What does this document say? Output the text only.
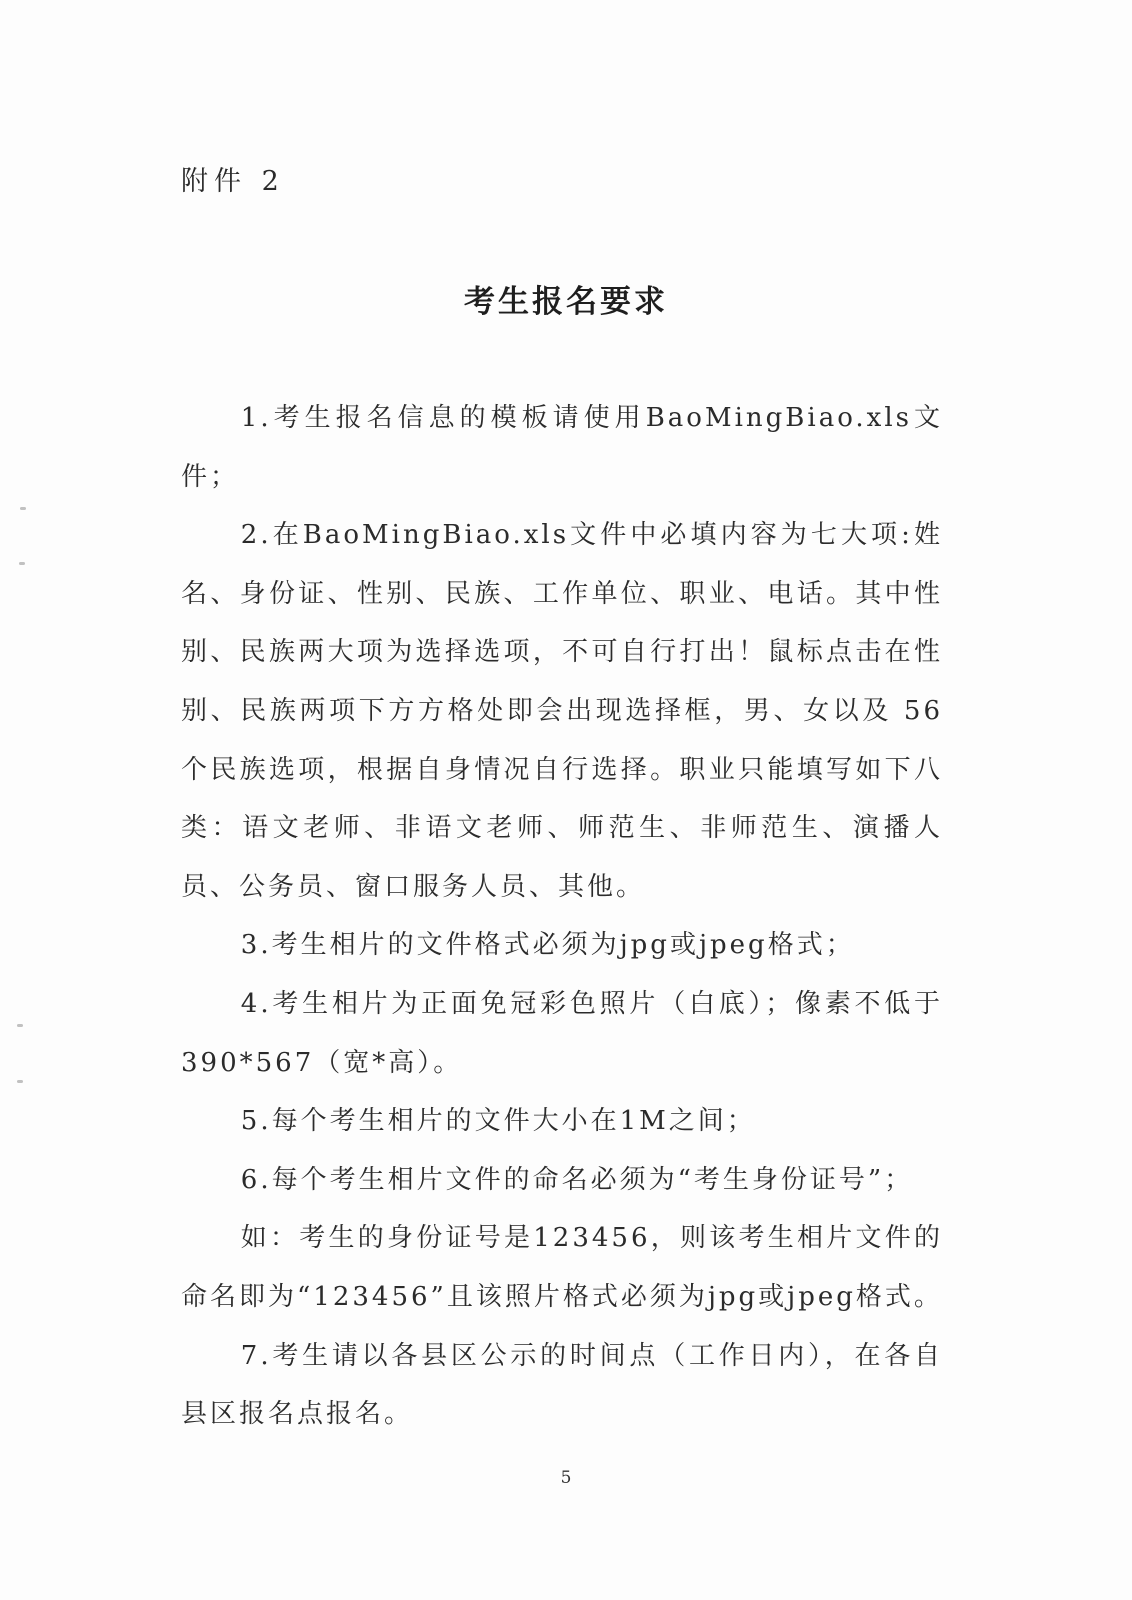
附件 2

考生报名要求

1.考生报名信息的模板请使用BaoMingBiao.xls文件；

2.在BaoMingBiao.xls文件中必填内容为七大项:姓名、身份证、性别、民族、工作单位、职业、电话。其中性别、民族两大项为选择选项，不可自行打出！鼠标点击在性别、民族两项下方方格处即会出现选择框，男、女以及 56 个民族选项，根据自身情况自行选择。职业只能填写如下八类：语文老师、非语文老师、师范生、非师范生、演播人员、公务员、窗口服务人员、其他。

3.考生相片的文件格式必须为jpg或jpeg格式；

4.考生相片为正面免冠彩色照片（白底）；像素不低于390*567（宽*高）。

5.每个考生相片的文件大小在1M之间；

6.每个考生相片文件的命名必须为“考生身份证号”；

如：考生的身份证号是123456，则该考生相片文件的命名即为“123456”且该照片格式必须为jpg或jpeg格式。

7.考生请以各县区公示的时间点（工作日内），在各自县区报名点报名。

5
